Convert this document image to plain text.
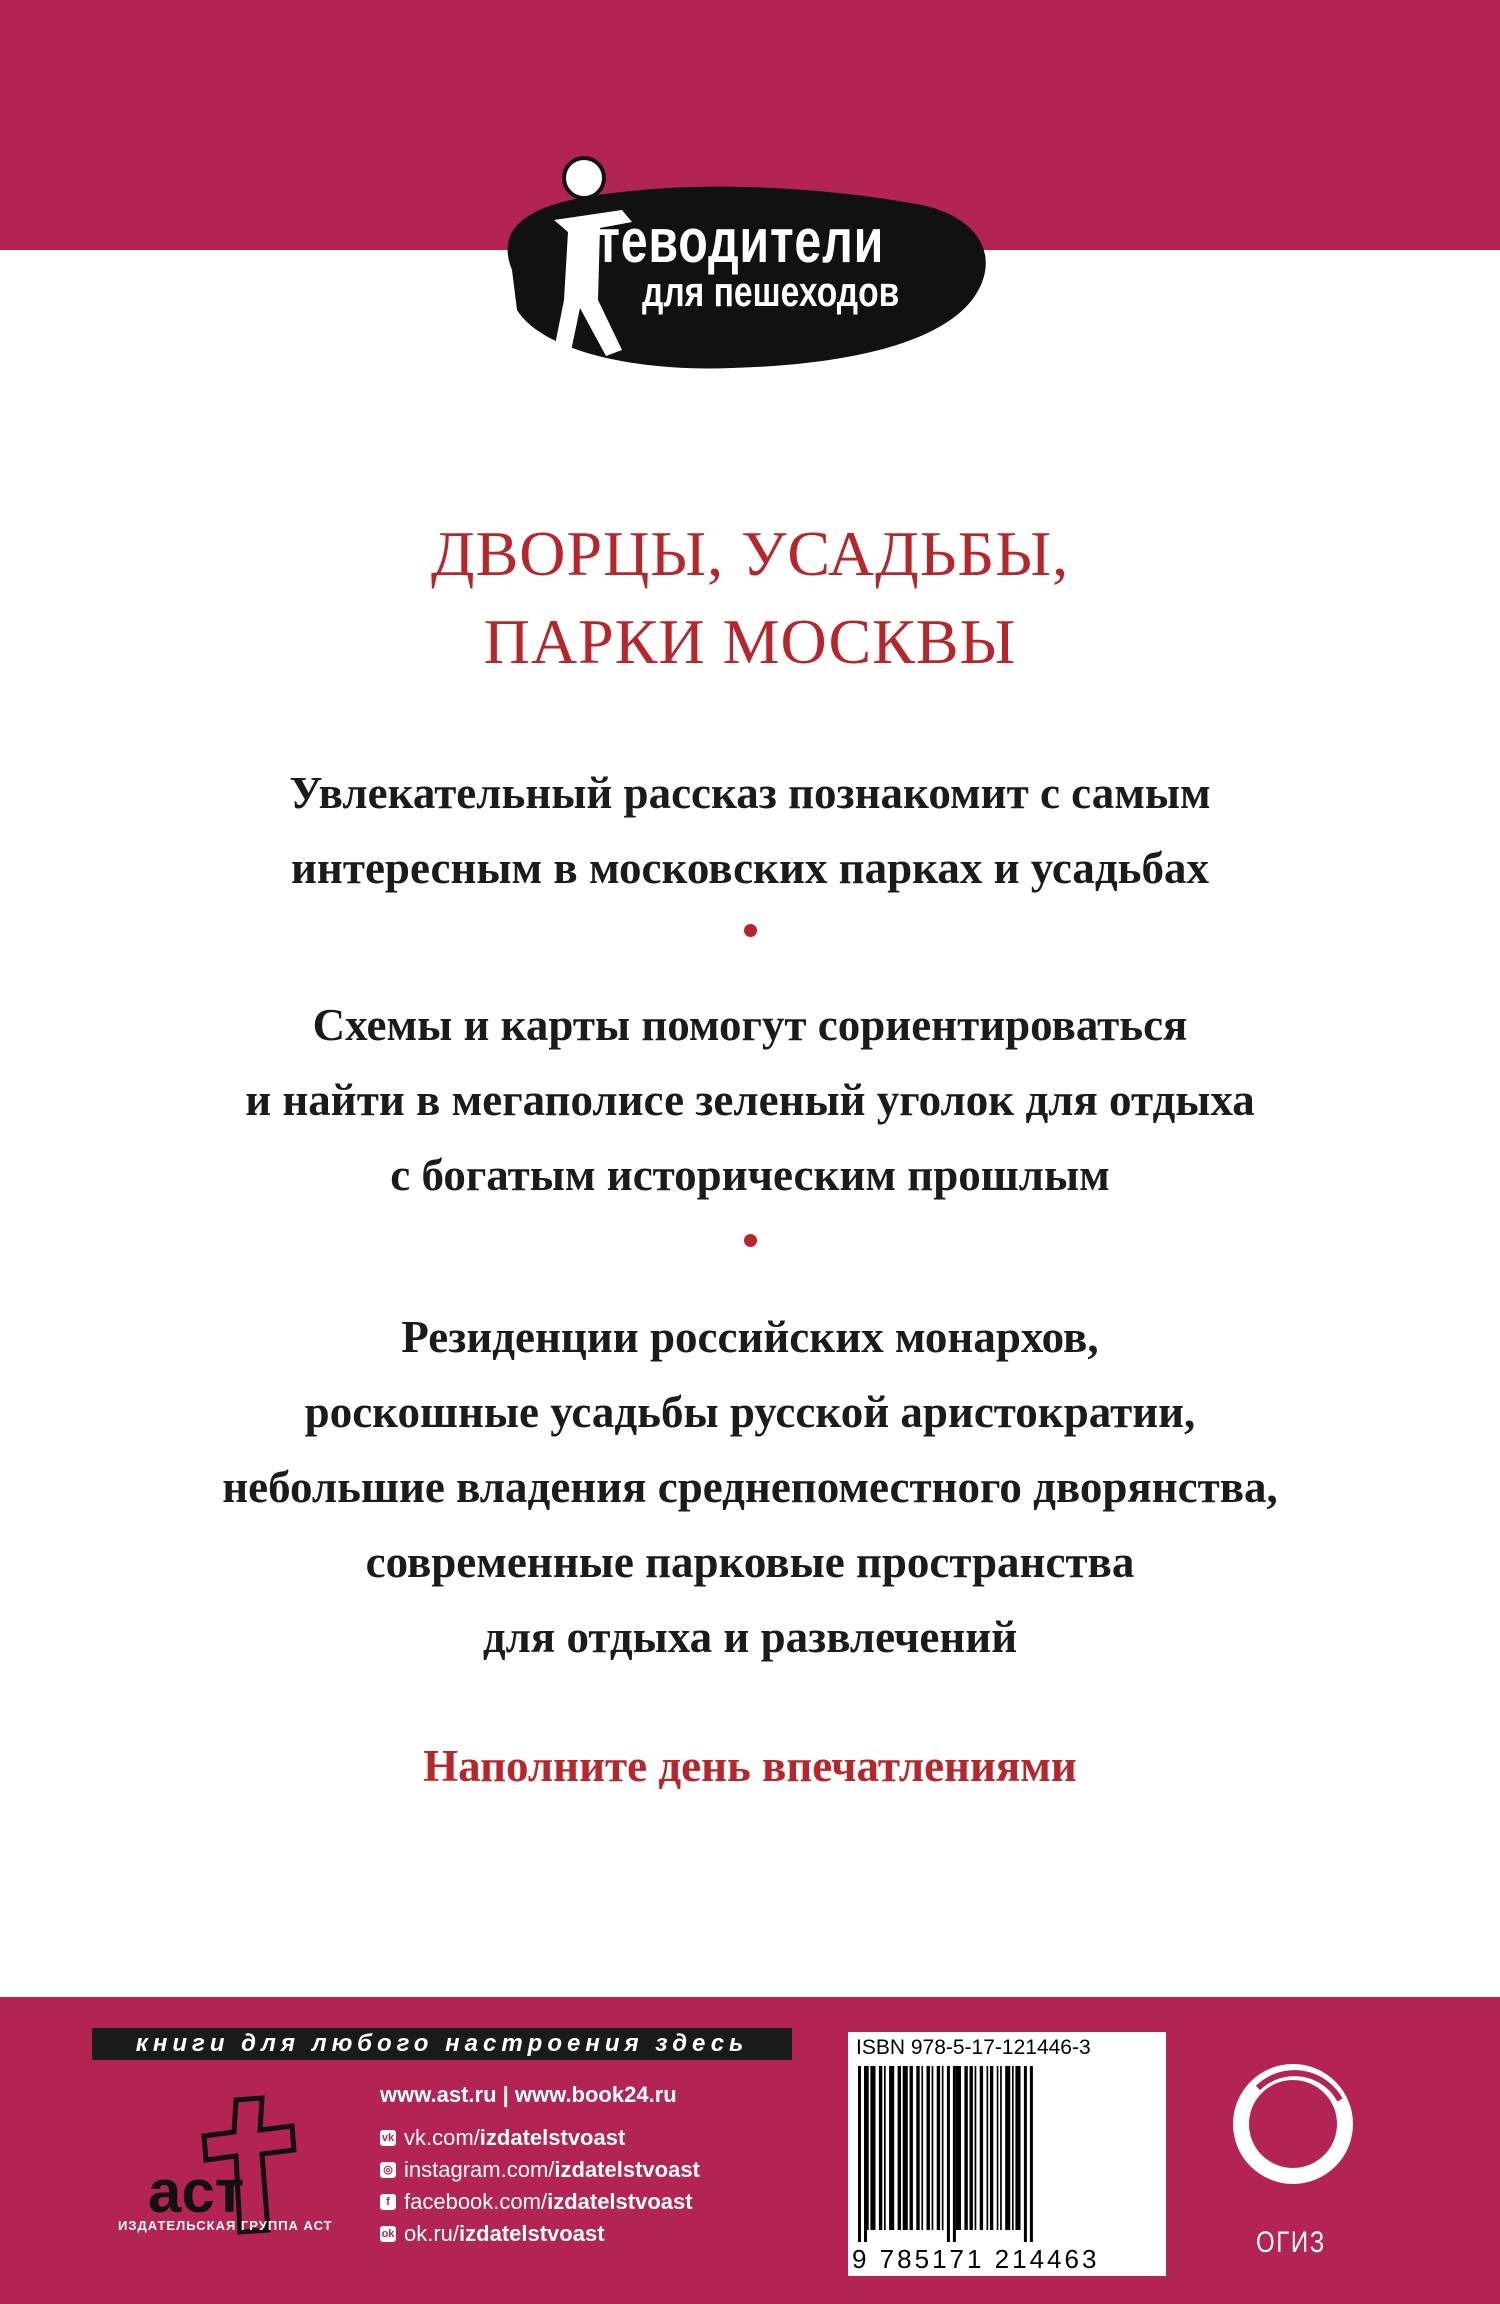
утеводители
для пешеходов
ДВОРЦЫ, УСАДЬБЫ,
ПАРКИ МОСКВЫ

Увлекательный рассказ познакомит с самым
интересным в московских парках и усадьбах

Схемы и карты помогут сориентироваться
и найти в мегаполисе зеленый уголок для отдыха
с богатым историческим прошлым

Резиденции российских монархов,
роскошные усадьбы русской аристократии,
небольшие владения среднепоместного дворянства,
современные парковые пространства
для отдыха и развлечений

Наполните день впечатлениями

книги для любого настроения здесь
аст
ИЗДАТЕЛЬСКАЯ ГРУППА АСТ
www.ast.ru | www.book24.ru
vk vk.com/ izdatelstvoast
◎ instagram.com/ izdatelstvoast
f facebook.com/ izdatelstvoast
ok ok.ru/ izdatelstvoast
ISBN 978-5-17-121446-3
9 785171 214463	ОГИЗ
